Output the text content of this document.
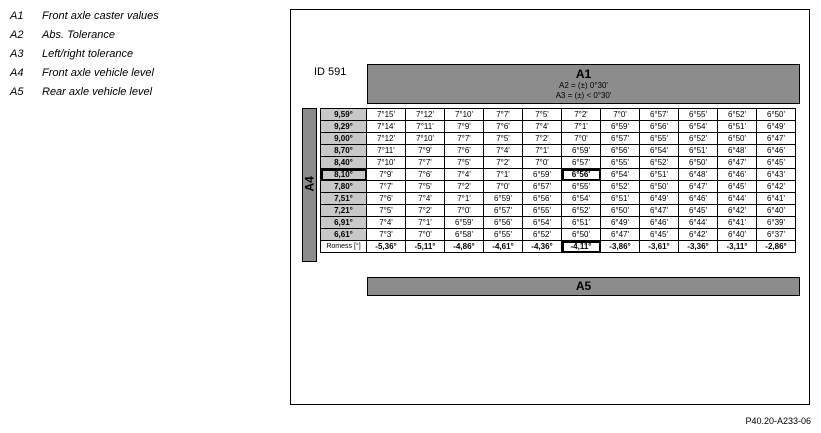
A1	Front axle caster values
A2	Abs. Tolerance
A3	Left/right tolerance
A4	Front axle vehicle level
A5	Rear axle vehicle level
ID 591	A1
A2 = (±) 0°30'
A3 = (±) < 0°30'
A4
9,59°	7°15'	7°12'	7°10'	7°7'	7°5'	7°2'	7°0'	6°57'	6°55'	6°52'	6°50'
9,29°	7°14'	7°11'	7°9'	7°6'	7°4'	7°1'	6°59'	6°56'	6°54'	6°51'	6°49'
9,00°	7°12'	7°10'	7°7'	7°5'	7°2'	7°0'	6°57'	6°55'	6°52'	6°50'	6°47'
8,70°	7°11'	7°9'	7°6'	7°4'	7°1'	6°59'	6°56'	6°54'	6°51'	6°48'	6°46'
8,40°	7°10'	7°7'	7°5'	7°2'	7°0'	6°57'	6°55'	6°52'	6°50'	6°47'	6°45'
8,10°	7°9'	7°6'	7°4'	7°1'	6°59'	6°56'	6°54'	6°51'	6°48'	6°46'	6°43'
7,80°	7°7'	7°5'	7°2'	7°0'	6°57'	6°55'	6°52'	6°50'	6°47'	6°45'	6°42'
7,51°	7°6'	7°4'	7°1'	6°59'	6°56'	6°54'	6°51'	6°49'	6°46'	6°44'	6°41'
7,21°	7°5'	7°2'	7°0'	6°57'	6°55'	6°52'	6°50'	6°47'	6°45'	6°42'	6°40'
6,91°	7°4'	7°1'	6°59'	6°56'	6°54'	6°51'	6°49'	6°46'	6°44'	6°41'	6°39'
6,61°	7°3'	7°0'	6°58'	6°55'	6°52'	6°50'	6°47'	6°45'	6°42'	6°40'	6°37'
Romess [°]	-5,36°	-5,11°	-4,86°	-4,61°	-4,36°	-4,11°	-3,86°	-3,61°	-3,36°	-3,11°	-2,86°
A5
P40.20-A233-06
